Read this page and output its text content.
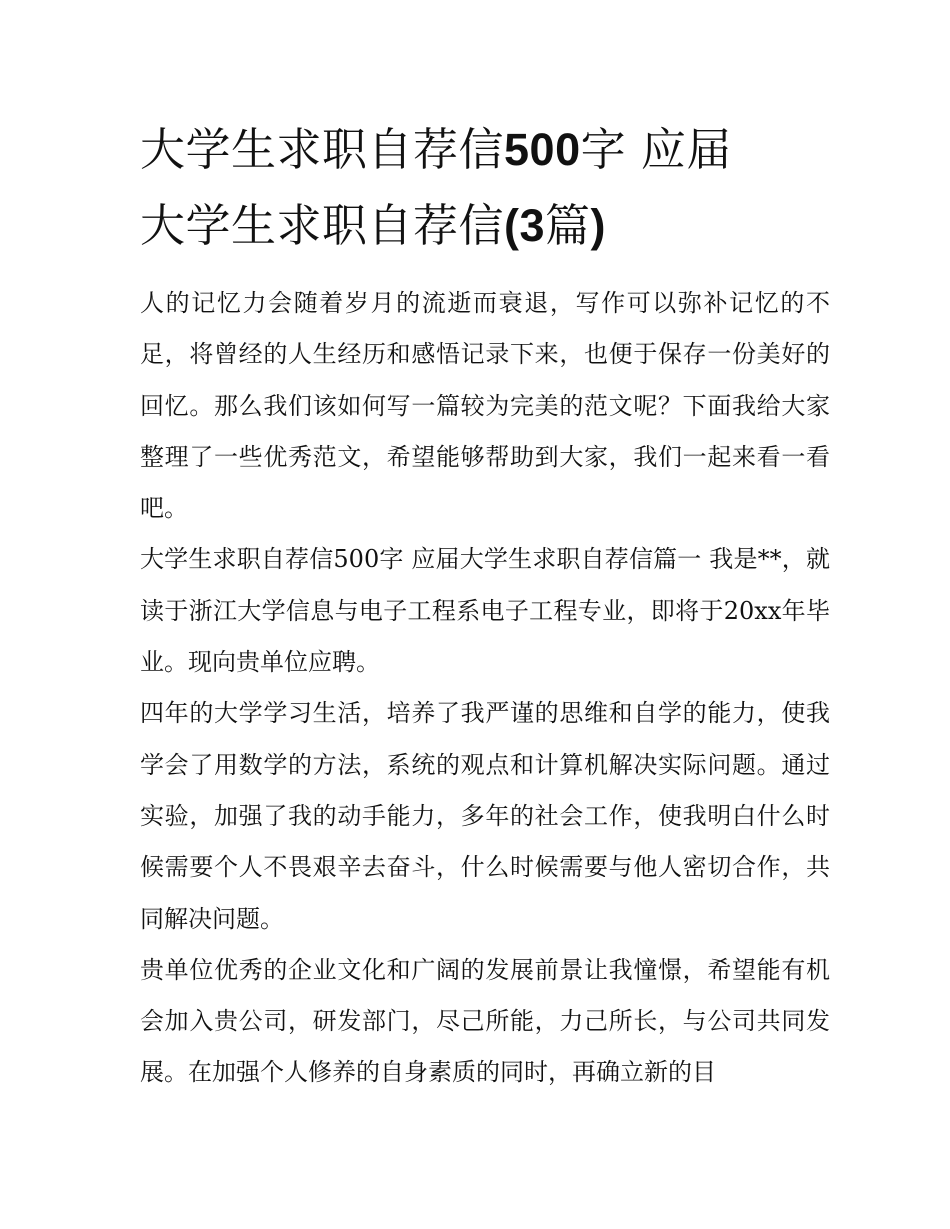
大学生求职自荐信500字 应届
大学生求职自荐信(3篇)

人的记忆力会随着岁月的流逝而衰退，写作可以弥补记忆的不足，将曾经的人生经历和感悟记录下来，也便于保存一份美好的回忆。那么我们该如何写一篇较为完美的范文呢？下面我给大家整理了一些优秀范文，希望能够帮助到大家，我们一起来看一看吧。

大学生求职自荐信500字 应届大学生求职自荐信篇一 我是**，就读于浙江大学信息与电子工程系电子工程专业，即将于20xx年毕业。现向贵单位应聘。

四年的大学学习生活，培养了我严谨的思维和自学的能力，使我学会了用数学的方法，系统的观点和计算机解决实际问题。通过实验，加强了我的动手能力，多年的社会工作，使我明白什么时候需要个人不畏艰辛去奋斗，什么时候需要与他人密切合作，共同解决问题。

贵单位优秀的企业文化和广阔的发展前景让我憧憬，希望能有机会加入贵公司，研发部门，尽己所能，力己所长，与公司共同发展。在加强个人修养的自身素质的同时，再确立新的目
